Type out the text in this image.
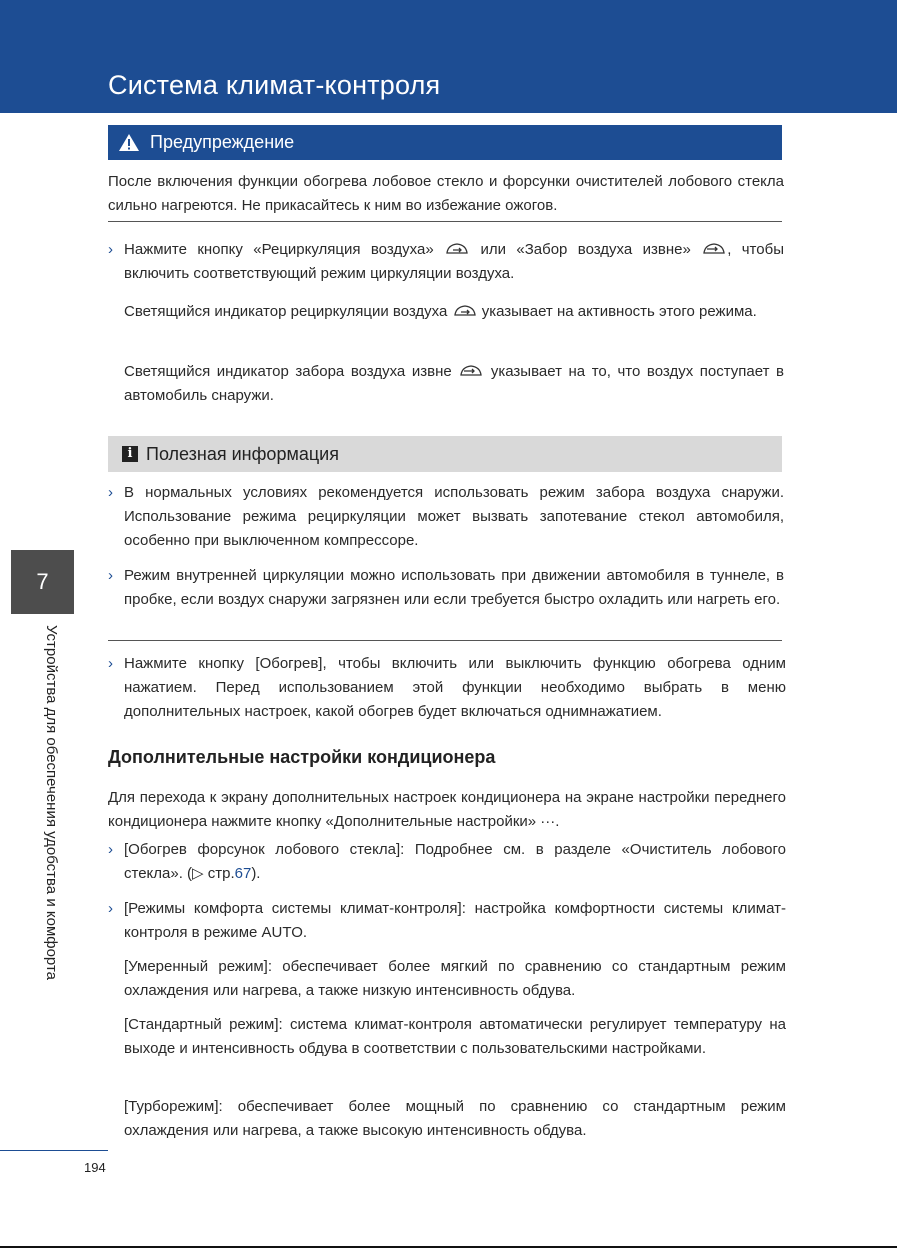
Система климат-контроля
Предупреждение

После включения функции обогрева лобовое стекло и форсунки очистителей лобового стекла сильно нагреются. Не прикасайтесь к ним во избежание ожогов.

› Нажмите кнопку «Рециркуляция воздуха»	или «Забор воздуха извне» , чтобы включить соответствующий режим циркуляции воздуха.

Светящийся индикатор рециркуляции воздуха указывает на активность этого режима.

Светящийся индикатор забора воздуха извне	указывает на то, что воздух поступает в автомобиль снаружи.

i Полезная информация
› В нормальных условиях рекомендуется использовать режим забора воздуха снаружи. Использование режима рециркуляции может вызвать запотевание стекол автомобиля, особенно при выключенном компрессоре.

› Режим внутренней циркуляции можно использовать при движении автомобиля в туннеле, в пробке, если воздух снаружи загрязнен или если требуется быстро охладить или нагреть его.

› Нажмите кнопку [Обогрев], чтобы включить или выключить функцию обогрева одним нажатием. Перед использованием этой функции необходимо выбрать в меню дополнительных настроек, какой обогрев будет включаться однимнажатием.

Дополнительные настройки кондиционера

Для перехода к экрану дополнительных настроек кондиционера на экране настройки переднего кондиционера нажмите кнопку «Дополнительные настройки» ···.

› [Обогрев форсунок лобового стекла]: Подробнее см. в разделе «Очиститель лобового стекла». (▷ стр.67).

› [Режимы комфорта системы климат-контроля]: настройка комфортности системы климат-контроля в режиме AUTO.

[Умеренный режим]: обеспечивает более мягкий по сравнению со стандартным режим охлаждения или нагрева, а также низкую интенсивность обдува.

[Стандартный режим]: система климат-контроля автоматически регулирует температуру на выходе и интенсивность обдува в соответствии с пользовательскими настройками.

[Турборежим]: обеспечивает более мощный по сравнению со стандартным режим охлаждения или нагрева, а также высокую интенсивность обдува.

7
Устройства для обеспечения удобства и комфорта
194
